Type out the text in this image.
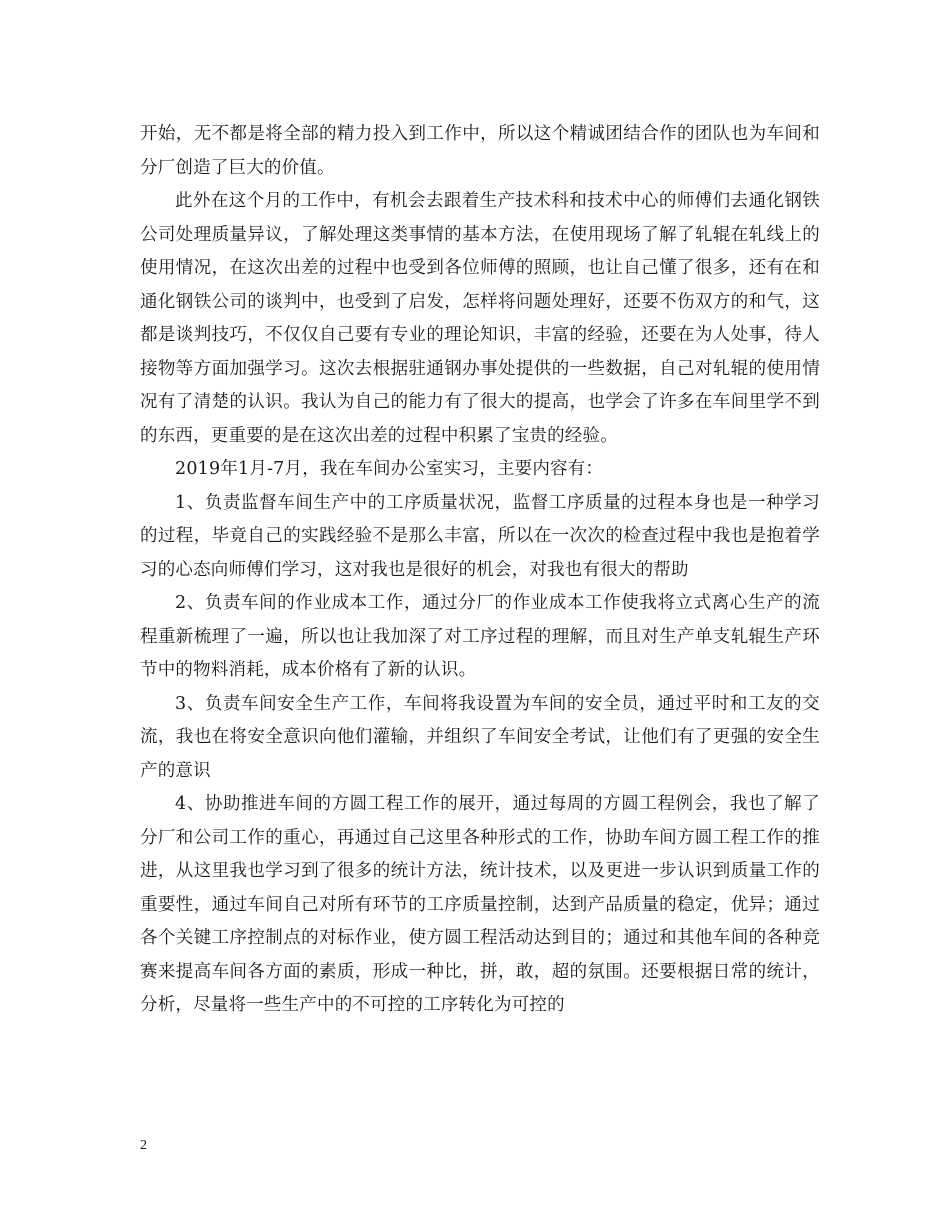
开始，无不都是将全部的精力投入到工作中，所以这个精诚团结合作的团队也为车间和分厂创造了巨大的价值。

此外在这个月的工作中，有机会去跟着生产技术科和技术中心的师傅们去通化钢铁公司处理质量异议，了解处理这类事情的基本方法，在使用现场了解了轧辊在轧线上的使用情况，在这次出差的过程中也受到各位师傅的照顾，也让自己懂了很多，还有在和通化钢铁公司的谈判中，也受到了启发，怎样将问题处理好，还要不伤双方的和气，这都是谈判技巧，不仅仅自己要有专业的理论知识，丰富的经验，还要在为人处事，待人接物等方面加强学习。这次去根据驻通钢办事处提供的一些数据，自己对轧辊的使用情况有了清楚的认识。我认为自己的能力有了很大的提高，也学会了许多在车间里学不到的东西，更重要的是在这次出差的过程中积累了宝贵的经验。

2019年1月-7月，我在车间办公室实习，主要内容有：

1、负责监督车间生产中的工序质量状况，监督工序质量的过程本身也是一种学习的过程，毕竟自己的实践经验不是那么丰富，所以在一次次的检查过程中我也是抱着学习的心态向师傅们学习，这对我也是很好的机会，对我也有很大的帮助

2、负责车间的作业成本工作，通过分厂的作业成本工作使我将立式离心生产的流程重新梳理了一遍，所以也让我加深了对工序过程的理解，而且对生产单支轧辊生产环节中的物料消耗，成本价格有了新的认识。

3、负责车间安全生产工作，车间将我设置为车间的安全员，通过平时和工友的交流，我也在将安全意识向他们灌输，并组织了车间安全考试，让他们有了更强的安全生产的意识

4、协助推进车间的方圆工程工作的展开，通过每周的方圆工程例会，我也了解了分厂和公司工作的重心，再通过自己这里各种形式的工作，协助车间方圆工程工作的推进，从这里我也学习到了很多的统计方法，统计技术，以及更进一步认识到质量工作的重要性，通过车间自己对所有环节的工序质量控制，达到产品质量的稳定，优异；通过各个关键工序控制点的对标作业，使方圆工程活动达到目的；通过和其他车间的各种竞赛来提高车间各方面的素质，形成一种比，拼，敢，超的氛围。还要根据日常的统计，分析，尽量将一些生产中的不可控的工序转化为可控的

2
